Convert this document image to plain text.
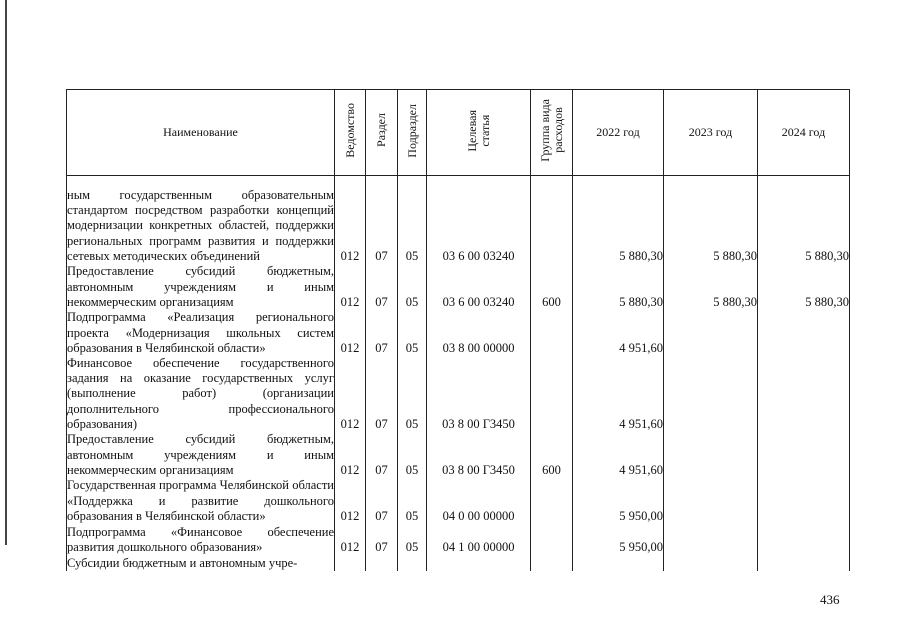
Наименование	Ведомство	Раздел	Подраздел	Целевая
статья	Группа вида
расходов	2022 год	2023 год	2024 год
ным государственным образовательным стандартом посредством разработки концепций модернизации конкретных областей, поддержки региональных программ развития и поддержки сетевых методических объединений	012	07	05	03 6 00 03240		5 880,30	5 880,30	5 880,30
Предоставление субсидий бюджетным, автономным учреждениям и иным некоммерческим организациям	012	07	05	03 6 00 03240	600	5 880,30	5 880,30	5 880,30
Подпрограмма «Реализация регионального проекта «Модернизация школьных систем образования в Челябинской области»	012	07	05	03 8 00 00000		4 951,60		
Финансовое обеспечение государственного задания на оказание государственных услуг (выполнение работ) (организации дополнительного профессионального образования)	012	07	05	03 8 00 Г3450		4 951,60		
Предоставление субсидий бюджетным, автономным учреждениям и иным некоммерческим организациям	012	07	05	03 8 00 Г3450	600	4 951,60		
Государственная программа Челябинской области «Поддержка и развитие дошкольного образования в Челябинской области»	012	07	05	04 0 00 00000		5 950,00		
Подпрограмма «Финансовое обеспечение развития дошкольного образования»	012	07	05	04 1 00 00000		5 950,00		
Субсидии бюджетным и автономным учре-								
436
